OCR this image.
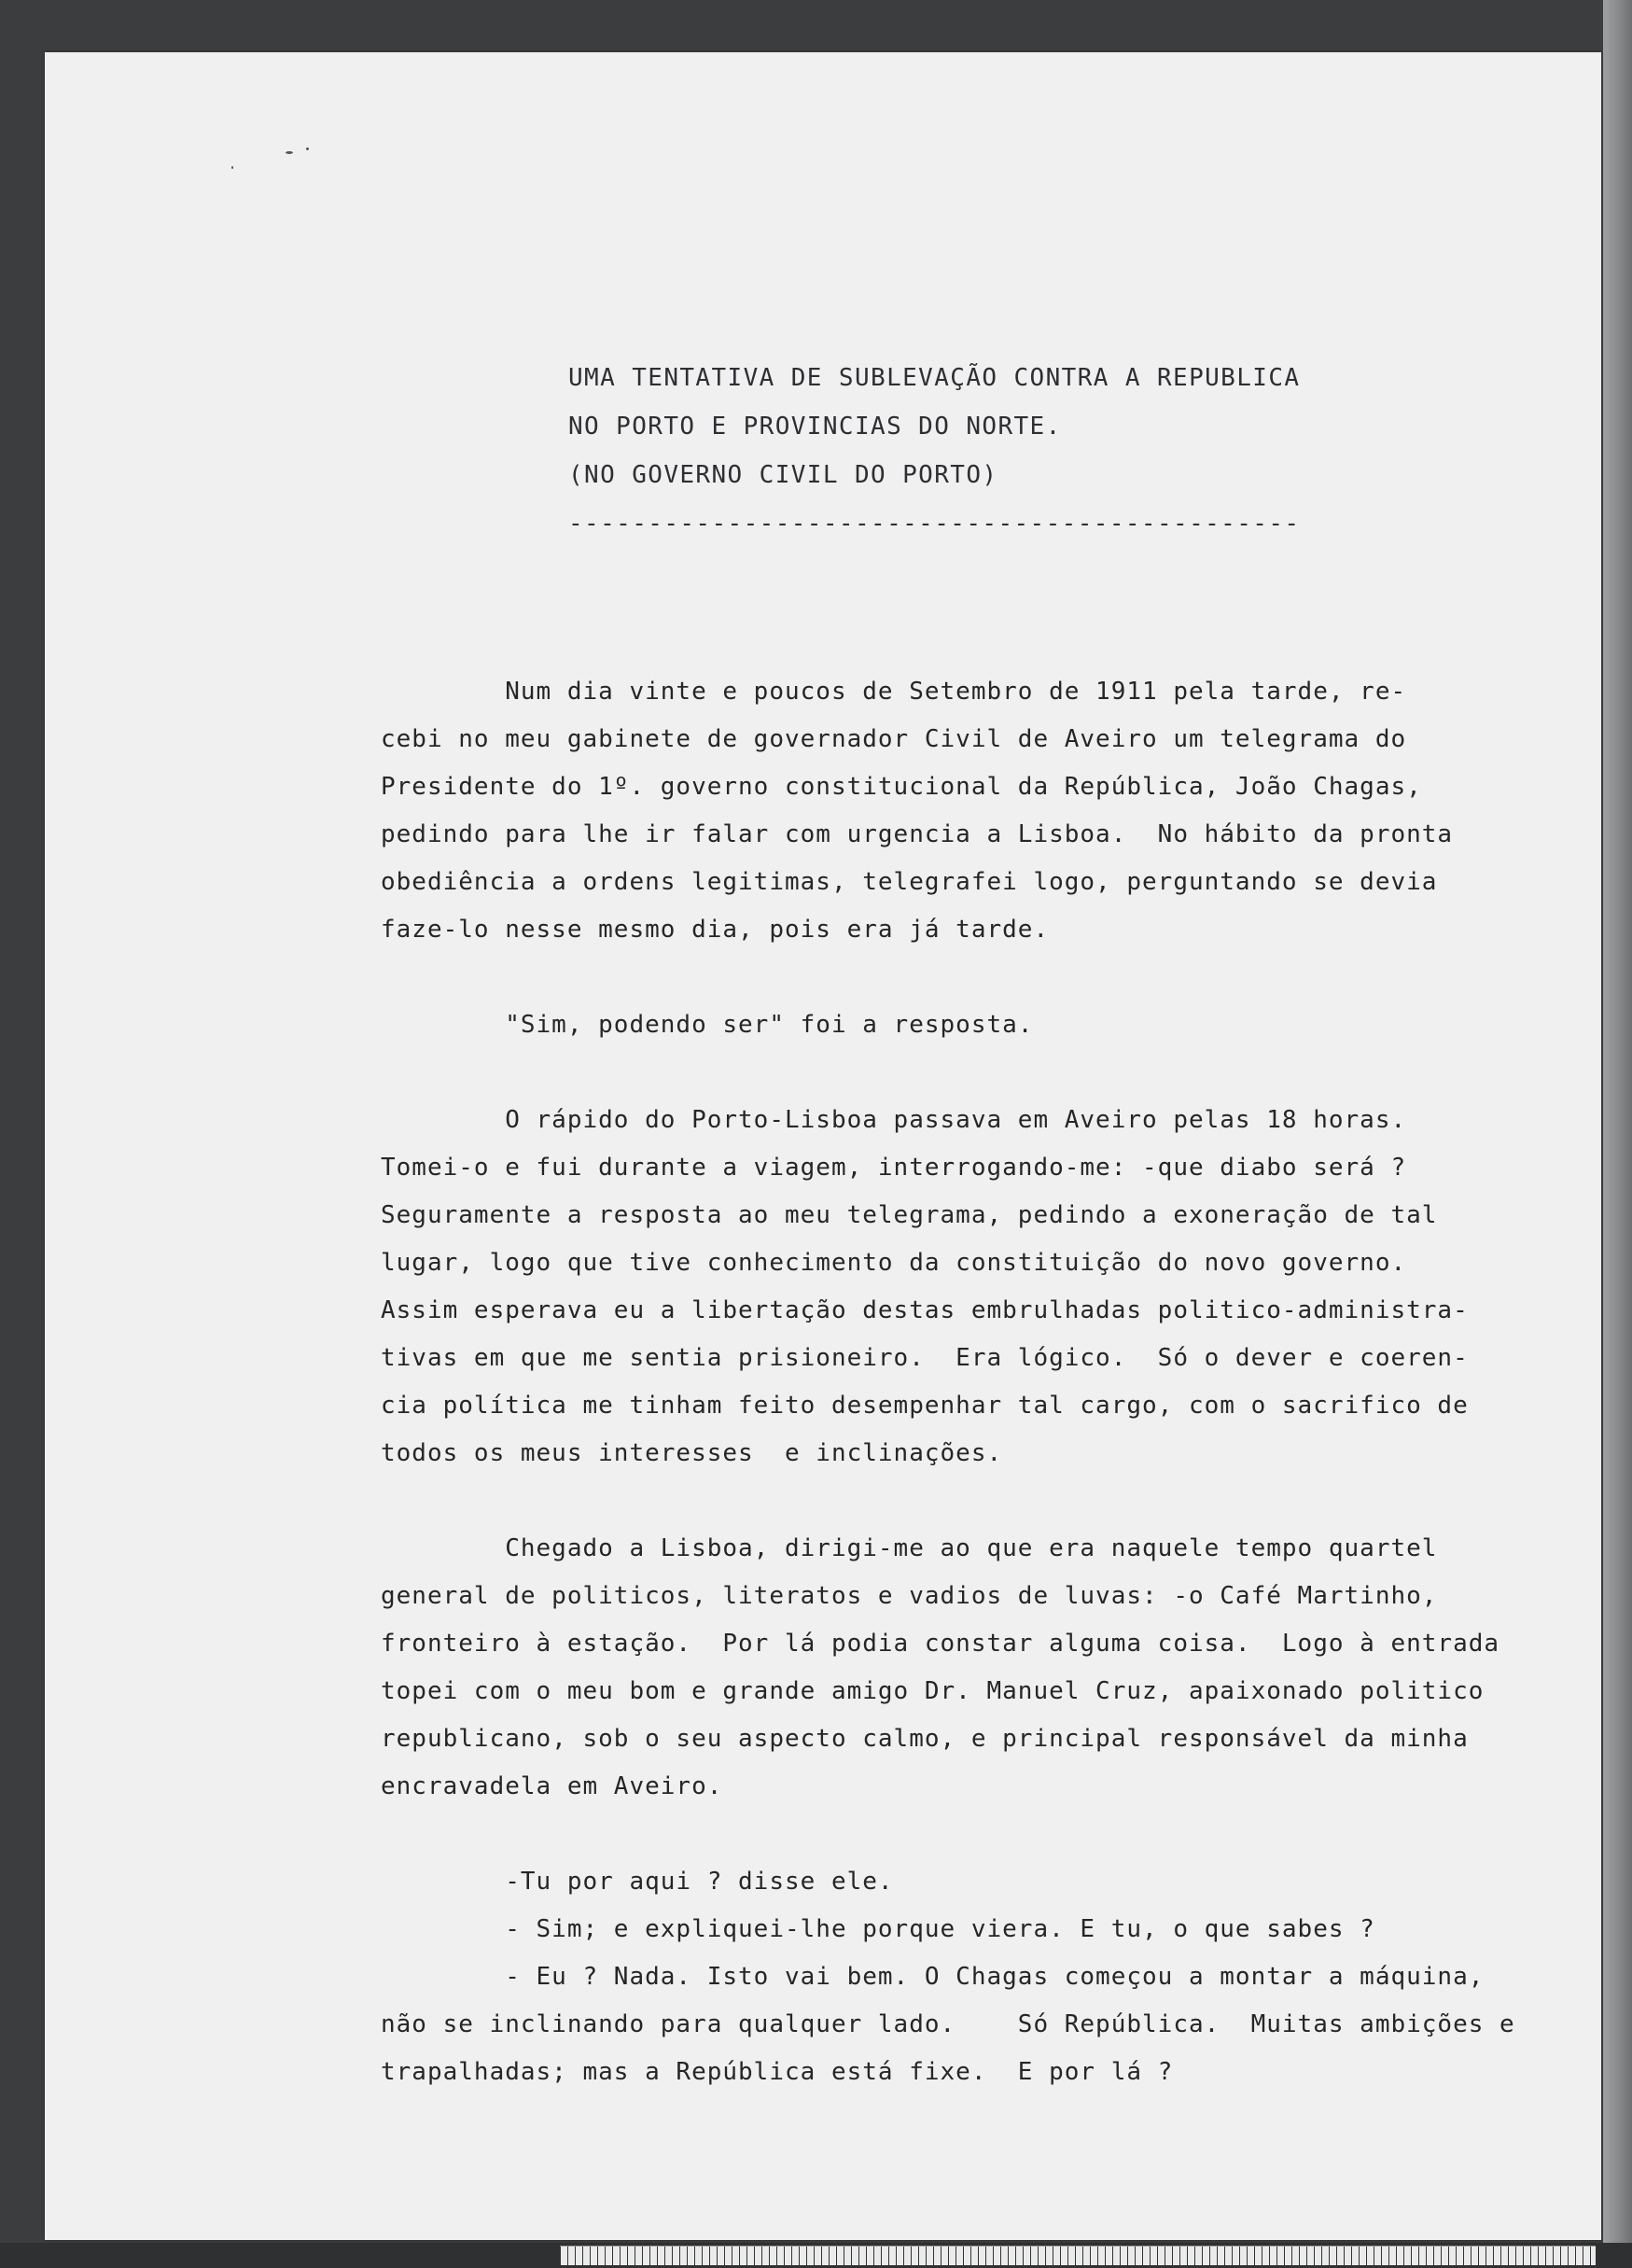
UMA TENTATIVA DE SUBLEVAÇÃO CONTRA A REPUBLICA
NO PORTO E PROVINCIAS DO NORTE.
(NO GOVERNO CIVIL DO PORTO)
----------------------------------------------
Num dia vinte e poucos de Setembro de 1911 pela tarde, re-
cebi no meu gabinete de governador Civil de Aveiro um telegrama do
Presidente do 1º. governo constitucional da República, João Chagas,
pedindo para lhe ir falar com urgencia a Lisboa.  No hábito da pronta
obediência a ordens legitimas, telegrafei logo, perguntando se devia
faze-lo nesse mesmo dia, pois era já tarde.
"Sim, podendo ser" foi a resposta.
O rápido do Porto-Lisboa passava em Aveiro pelas 18 horas.
Tomei-o e fui durante a viagem, interrogando-me: -que diabo será ?
Seguramente a resposta ao meu telegrama, pedindo a exoneração de tal
lugar, logo que tive conhecimento da constituição do novo governo.
Assim esperava eu a libertação destas embrulhadas politico-administra-
tivas em que me sentia prisioneiro.  Era lógico.  Só o dever e coeren-
cia política me tinham feito desempenhar tal cargo, com o sacrifico de
todos os meus interesses  e inclinações.
Chegado a Lisboa, dirigi-me ao que era naquele tempo quartel
general de politicos, literatos e vadios de luvas: -o Café Martinho,
fronteiro à estação.  Por lá podia constar alguma coisa.  Logo à entrada
topei com o meu bom e grande amigo Dr. Manuel Cruz, apaixonado politico
republicano, sob o seu aspecto calmo, e principal responsável da minha
encravadela em Aveiro.
-Tu por aqui ? disse ele.
- Sim; e expliquei-lhe porque viera. E tu, o que sabes ?
- Eu ? Nada. Isto vai bem. O Chagas começou a montar a máquina,
não se inclinando para qualquer lado.    Só República.  Muitas ambições e
trapalhadas; mas a República está fixe.  E por lá ?
